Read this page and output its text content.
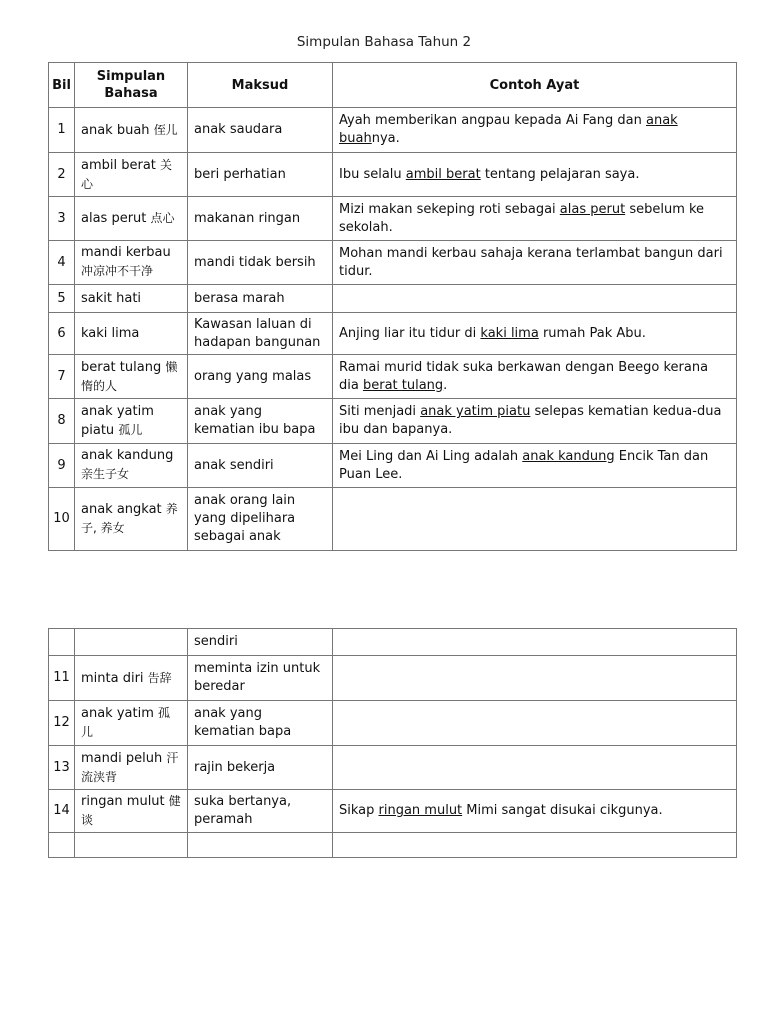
Simpulan Bahasa Tahun 2
Bil	Simpulan Bahasa	Maksud	Contoh Ayat
1	anak buah 侄儿	anak saudara	Ayah memberikan angpau kepada Ai Fang dan anak buahnya.
2	ambil berat 关心	beri perhatian	Ibu selalu ambil berat tentang pelajaran saya.
3	alas perut 点心	makanan ringan	Mizi makan sekeping roti sebagai alas perut sebelum ke sekolah.
4	mandi kerbau 冲凉冲不干净	mandi tidak bersih	Mohan mandi kerbau sahaja kerana terlambat bangun dari tidur.
5	sakit hati	berasa marah	
6	kaki lima	Kawasan laluan di hadapan bangunan	Anjing liar itu tidur di kaki lima rumah Pak Abu.
7	berat tulang 懒惰的人	orang yang malas	Ramai murid tidak suka berkawan dengan Beego kerana dia berat tulang.
8	anak yatim piatu 孤儿	anak yang kematian ibu bapa	Siti menjadi anak yatim piatu selepas kematian kedua-dua ibu dan bapanya.
9	anak kandung 亲生子女	anak sendiri	Mei Ling dan Ai Ling adalah anak kandung Encik Tan dan Puan Lee.
10	anak angkat 养子, 养女	anak orang lain yang dipelihara sebagai anak	
		sendiri	
11	minta diri 告辞	meminta izin untuk beredar	
12	anak yatim 孤儿	anak yang kematian bapa	
13	mandi peluh 汗流浃背	rajin bekerja	
14	ringan mulut 健谈	suka bertanya, peramah	Sikap ringan mulut Mimi sangat disukai cikgunya.
